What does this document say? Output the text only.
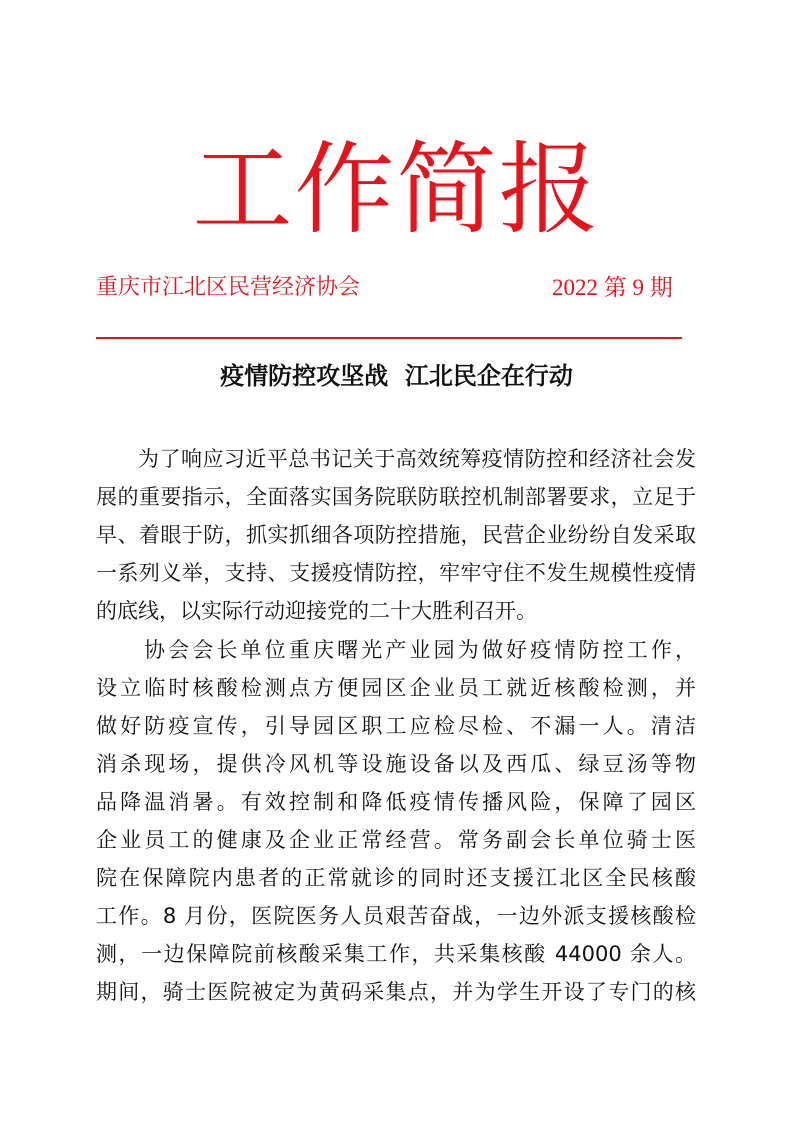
工作简报
重庆市江北区民营经济协会	2022 第 9 期
疫情防控攻坚战  江北民企在行动
为了响应习近平总书记关于高效统筹疫情防控和经济社会发
展的重要指示，全面落实国务院联防联控机制部署要求，立足于
早、着眼于防，抓实抓细各项防控措施，民营企业纷纷自发采取
一系列义举，支持、支援疫情防控，牢牢守住不发生规模性疫情
的底线，以实际行动迎接党的二十大胜利召开。
协会会长单位重庆曙光产业园为做好疫情防控工作，
设立临时核酸检测点方便园区企业员工就近核酸检测，并
做好防疫宣传，引导园区职工应检尽检、不漏一人。清洁
消杀现场，提供冷风机等设施设备以及西瓜、绿豆汤等物
品降温消暑。有效控制和降低疫情传播风险，保障了园区
企业员工的健康及企业正常经营。常务副会长单位骑士医
院在保障院内患者的正常就诊的同时还支援江北区全民核酸
工作。8 月份，医院医务人员艰苦奋战，一边外派支援核酸检
测，一边保障院前核酸采集工作，共采集核酸 44000 余人。
期间，骑士医院被定为黄码采集点，并为学生开设了专门的核
